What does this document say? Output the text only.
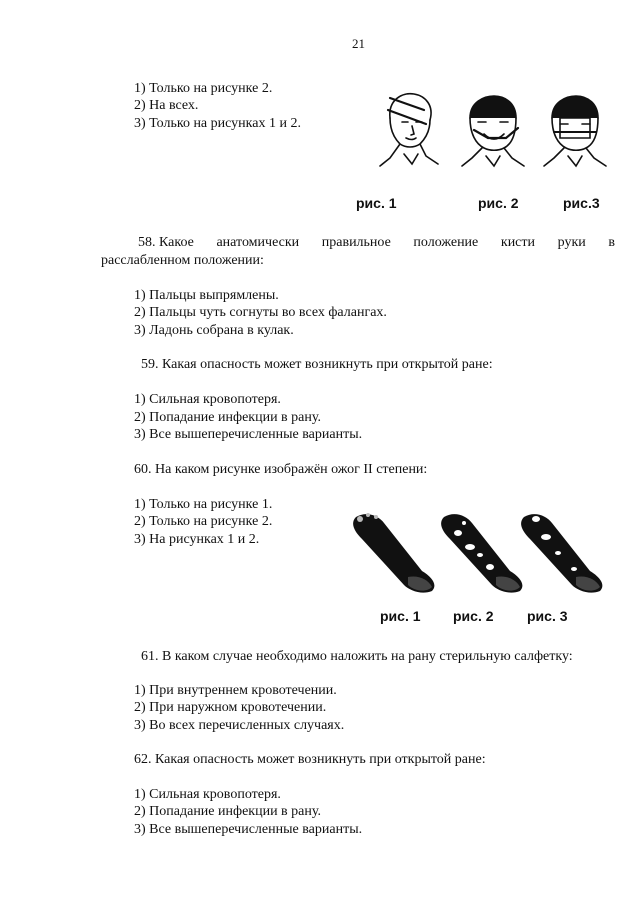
21
1) Только на рисунке 2.
2) На всех.
3) Только на рисунках 1 и 2.
рис. 1	рис. 2	рис.3
58. Какое анатомически правильное положение кисти руки в
расслабленном положении:
1) Пальцы выпрямлены.
2) Пальцы чуть согнуты во всех фалангах.
3) Ладонь собрана в кулак.
59. Какая опасность может возникнуть при открытой ране:
1) Сильная кровопотеря.
2) Попадание инфекции в рану.
3) Все вышеперечисленные варианты.
60. На каком рисунке изображён ожог II степени:
1) Только на рисунке 1.
2) Только на рисунке 2.
3) На рисунках 1 и 2.
рис. 1 рис. 2 рис. 3
61. В каком случае необходимо наложить на рану стерильную салфетку:
1) При внутреннем кровотечении.
2) При наружном кровотечении.
3) Во всех перечисленных случаях.
62. Какая опасность может возникнуть при открытой ране:
1) Сильная кровопотеря.
2) Попадание инфекции в рану.
3) Все вышеперечисленные варианты.
